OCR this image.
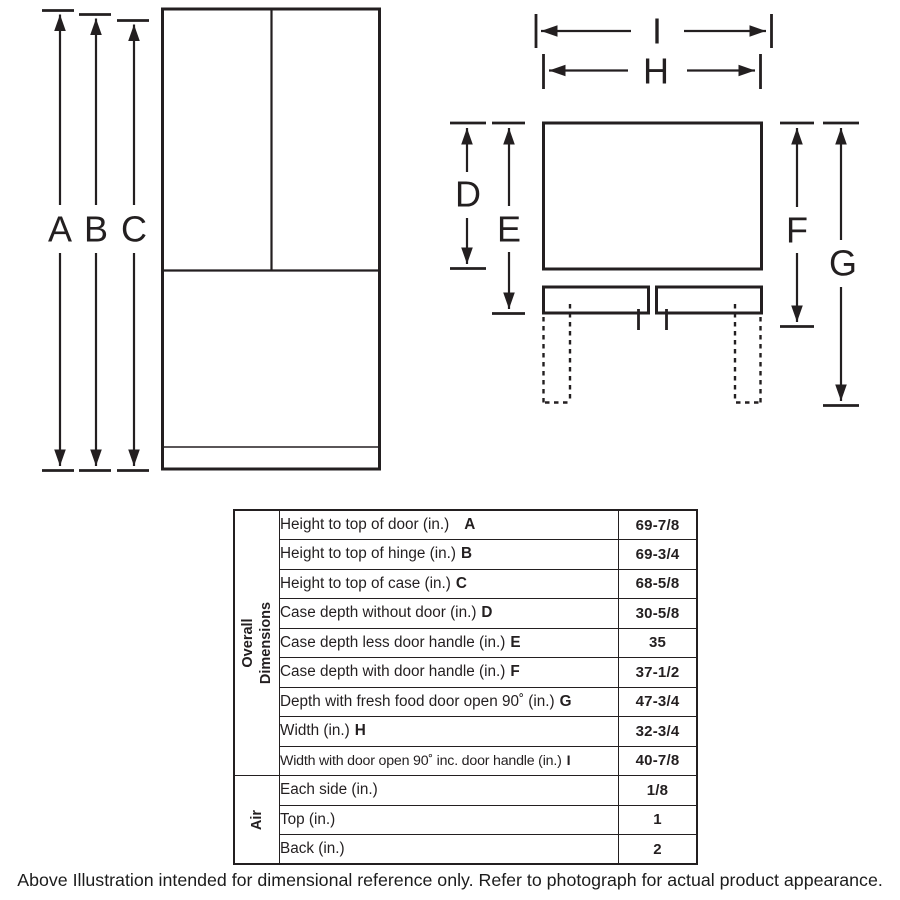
A B C
I
H
D
E	F
G
Overall Dimensions	Height to top of door (in.) A	69-7/8
	Height to top of hinge (in.) B	69-3/4
	Height to top of case (in.) C	68-5/8
	Case depth without door (in.) D	30-5/8
	Case depth less door handle (in.) E	35
	Case depth with door handle (in.) F	37-1/2
	Depth with fresh food door open 90˚ (in.) G	47-3/4
	Width (in.) H	32-3/4
	Width with door open 90˚ inc. door handle (in.) I	40-7/8

Air	Each side (in.)	1/8
	Top (in.)	1
	Back (in.)	2
Above Illustration intended for dimensional reference only. Refer to photograph for actual product appearance.
